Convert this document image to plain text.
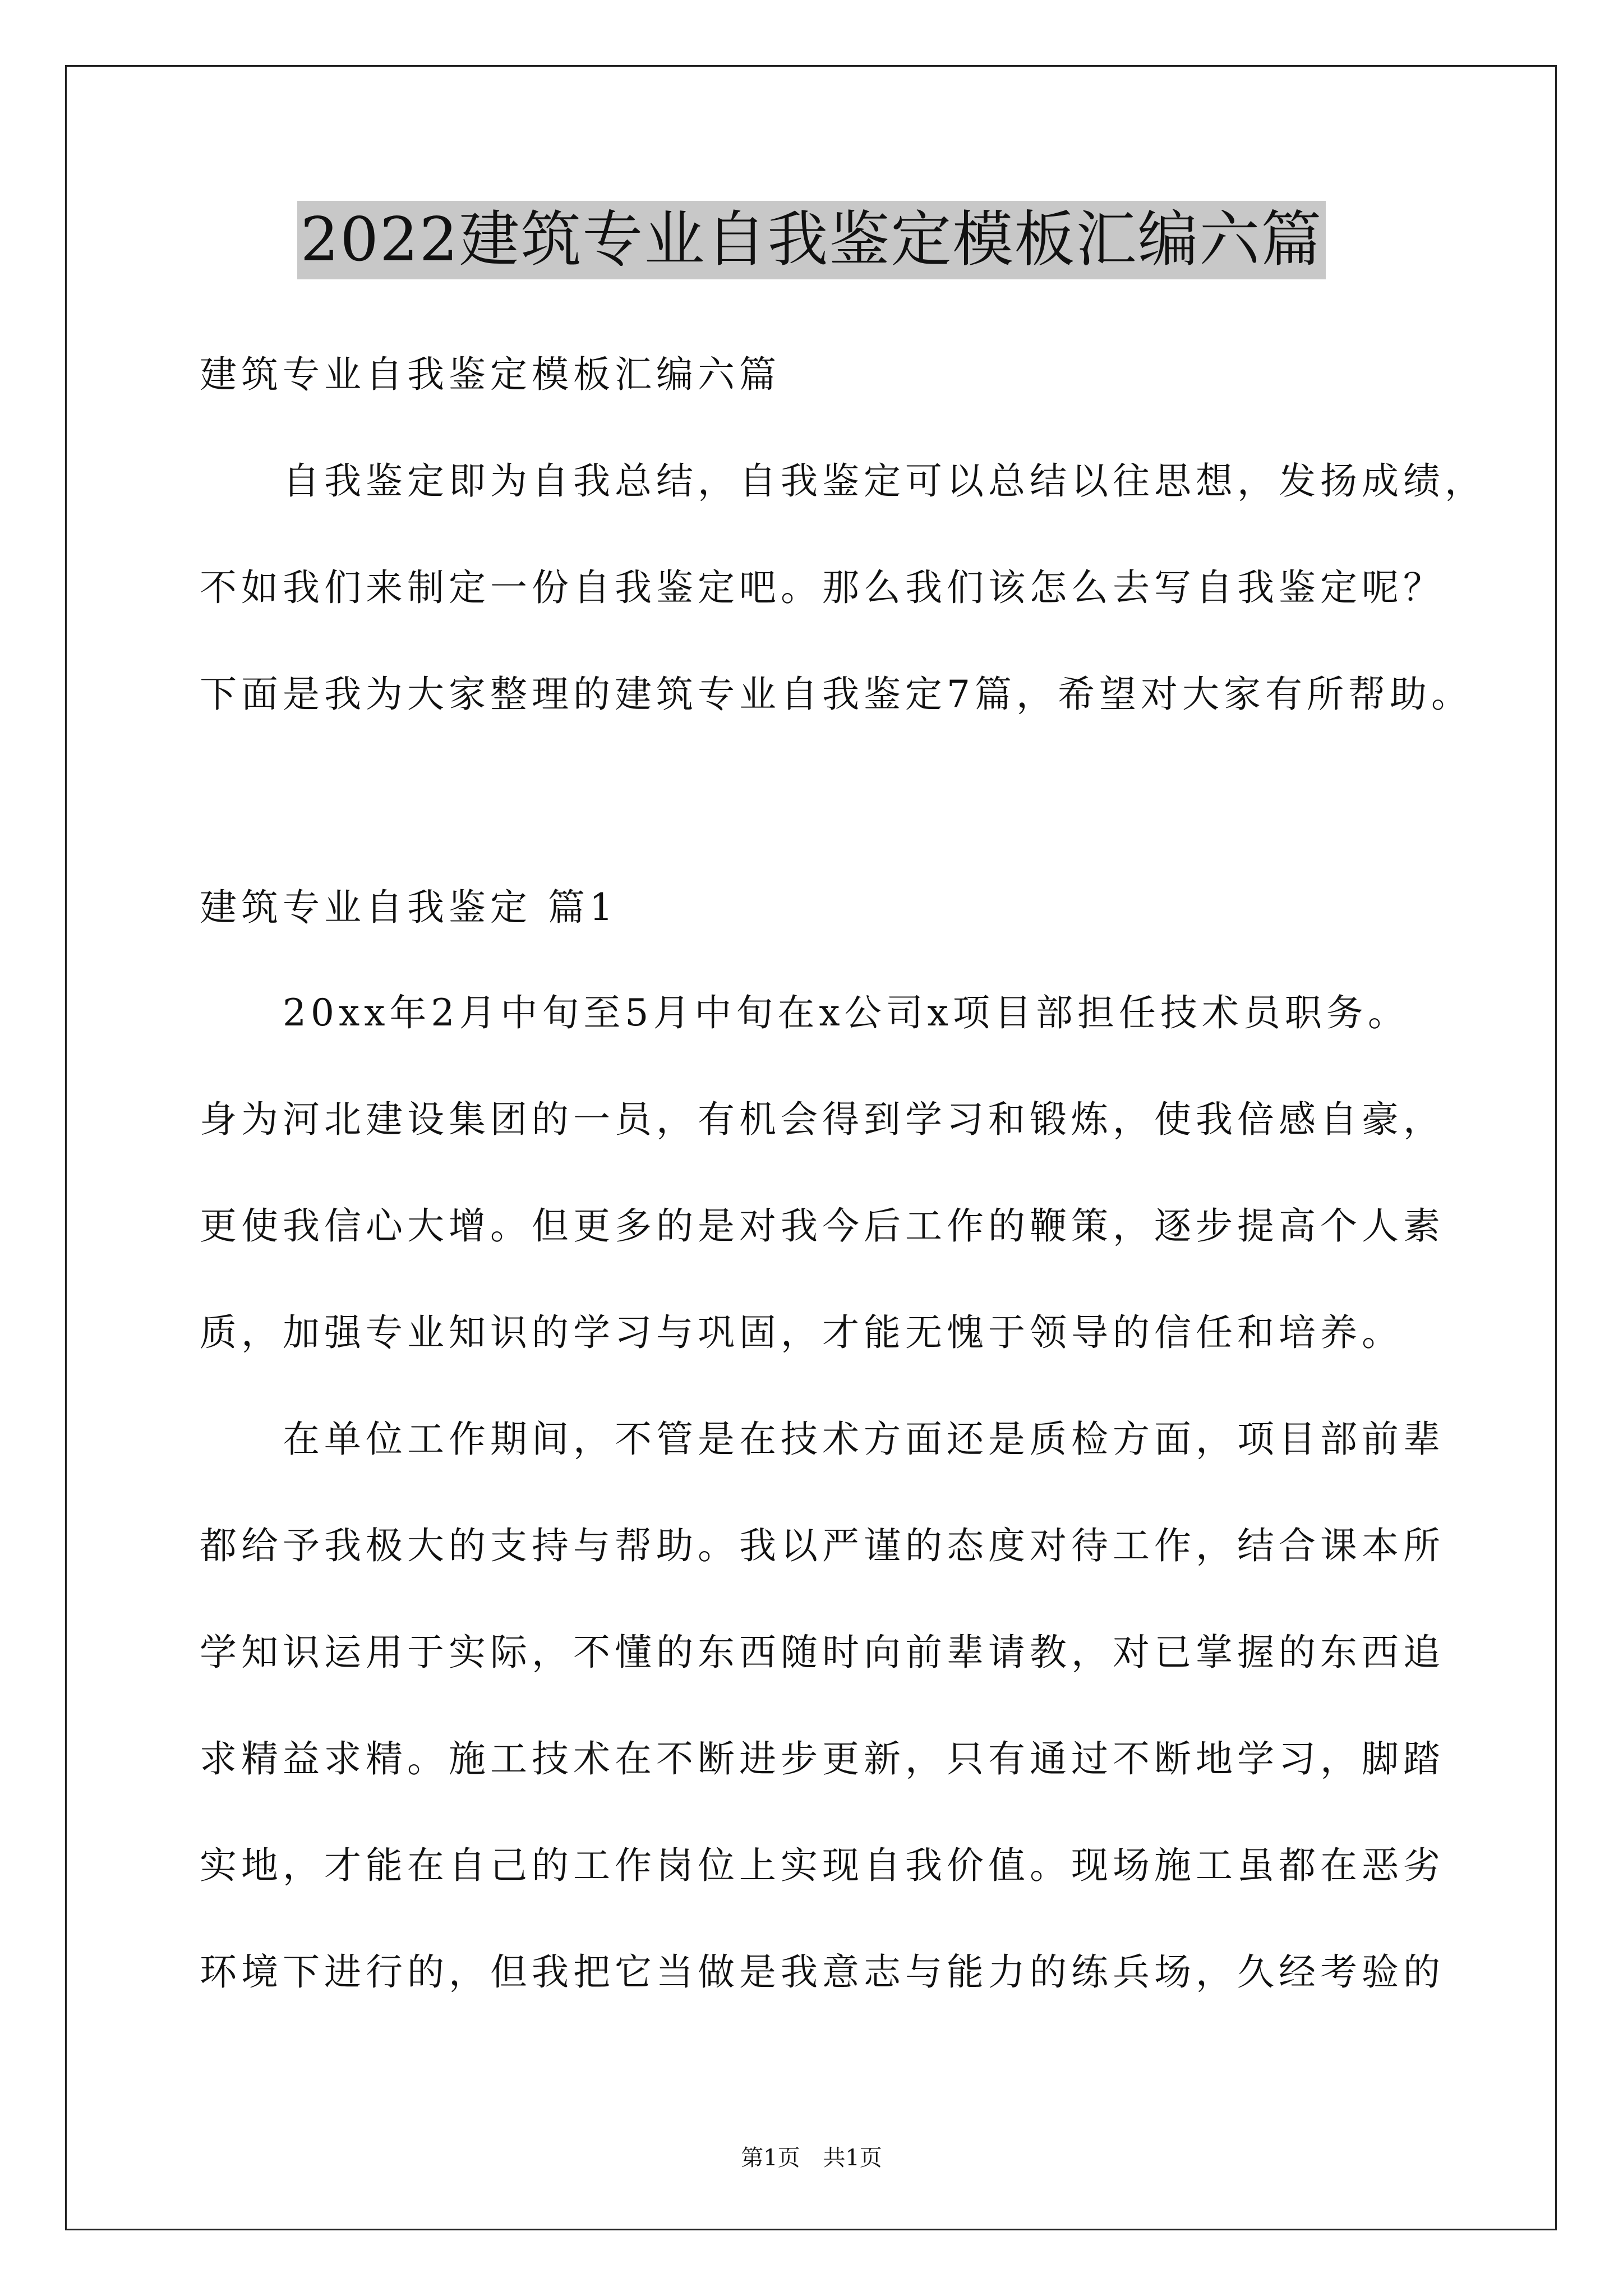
2022建筑专业自我鉴定模板汇编六篇
建筑专业自我鉴定模板汇编六篇
自我鉴定即为自我总结，自我鉴定可以总结以往思想，发扬成绩，
不如我们来制定一份自我鉴定吧。那么我们该怎么去写自我鉴定呢？
下面是我为大家整理的建筑专业自我鉴定7篇，希望对大家有所帮助。
建筑专业自我鉴定 篇1
20xx年2月中旬至5月中旬在x公司x项目部担任技术员职务。
身为河北建设集团的一员，有机会得到学习和锻炼，使我倍感自豪，
更使我信心大增。但更多的是对我今后工作的鞭策，逐步提高个人素
质，加强专业知识的学习与巩固，才能无愧于领导的信任和培养。
在单位工作期间，不管是在技术方面还是质检方面，项目部前辈
都给予我极大的支持与帮助。我以严谨的态度对待工作，结合课本所
学知识运用于实际，不懂的东西随时向前辈请教，对已掌握的东西追
求精益求精。施工技术在不断进步更新，只有通过不断地学习，脚踏
实地，才能在自己的工作岗位上实现自我价值。现场施工虽都在恶劣
环境下进行的，但我把它当做是我意志与能力的练兵场，久经考验的
第1页 共1页
